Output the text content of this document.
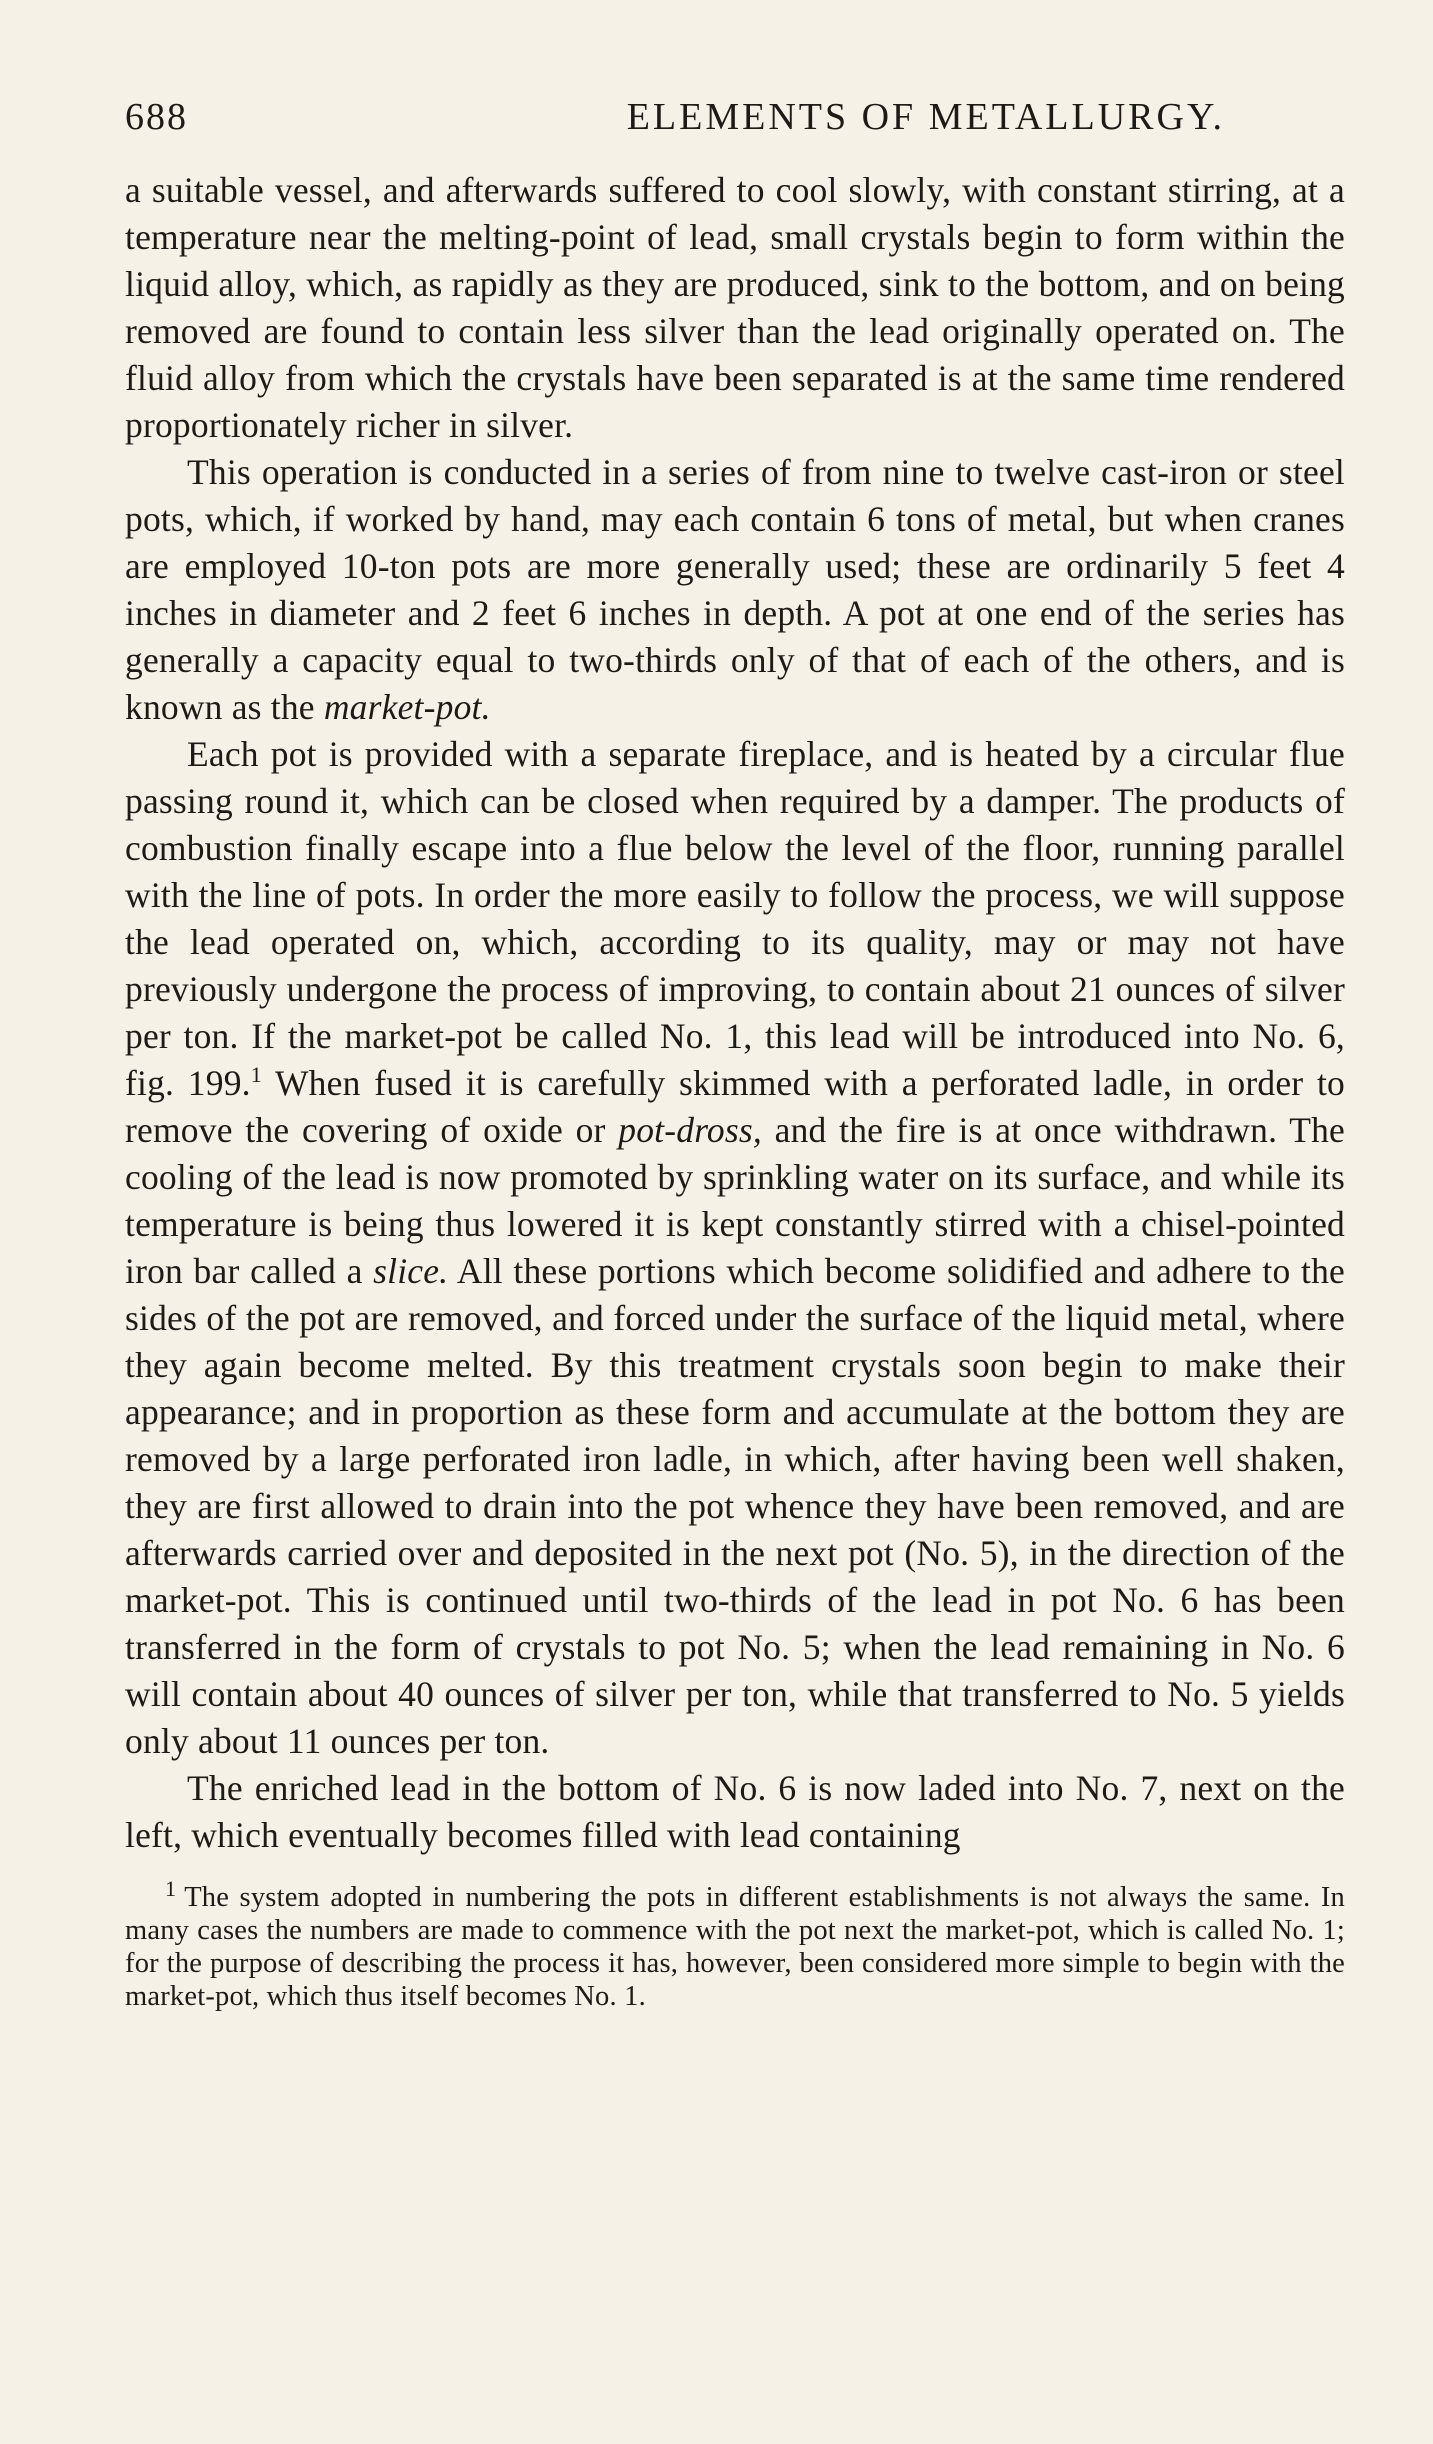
688	ELEMENTS OF METALLURGY.

a suitable vessel, and afterwards suffered to cool slowly, with constant stirring, at a temperature near the melting-point of lead, small crystals begin to form within the liquid alloy, which, as rapidly as they are produced, sink to the bottom, and on being removed are found to contain less silver than the lead originally operated on. The fluid alloy from which the crystals have been separated is at the same time rendered proportionately richer in silver.

This operation is conducted in a series of from nine to twelve cast-iron or steel pots, which, if worked by hand, may each contain 6 tons of metal, but when cranes are employed 10-ton pots are more generally used; these are ordinarily 5 feet 4 inches in diameter and 2 feet 6 inches in depth. A pot at one end of the series has generally a capacity equal to two-thirds only of that of each of the others, and is known as the market-pot.

Each pot is provided with a separate fireplace, and is heated by a circular flue passing round it, which can be closed when required by a damper. The products of combustion finally escape into a flue below the level of the floor, running parallel with the line of pots. In order the more easily to follow the process, we will suppose the lead operated on, which, according to its quality, may or may not have previously undergone the process of improving, to contain about 21 ounces of silver per ton. If the market-pot be called No. 1, this lead will be introduced into No. 6, fig. 199.$^1$ When fused it is carefully skimmed with a perforated ladle, in order to remove the covering of oxide or pot-dross, and the fire is at once withdrawn. The cooling of the lead is now promoted by sprinkling water on its surface, and while its temperature is being thus lowered it is kept constantly stirred with a chisel-pointed iron bar called a slice. All these portions which become solidified and adhere to the sides of the pot are removed, and forced under the surface of the liquid metal, where they again become melted. By this treatment crystals soon begin to make their appearance; and in proportion as these form and accumulate at the bottom they are removed by a large perforated iron ladle, in which, after having been well shaken, they are first allowed to drain into the pot whence they have been removed, and are afterwards carried over and deposited in the next pot (No. 5), in the direction of the market-pot. This is continued until two-thirds of the lead in pot No. 6 has been transferred in the form of crystals to pot No. 5; when the lead remaining in No. 6 will contain about 40 ounces of silver per ton, while that transferred to No. 5 yields only about 11 ounces per ton.

The enriched lead in the bottom of No. 6 is now laded into No. 7, next on the left, which eventually becomes filled with lead containing

$^1$ The system adopted in numbering the pots in different establishments is not always the same. In many cases the numbers are made to commence with the pot next the market-pot, which is called No. 1; for the purpose of describing the process it has, however, been considered more simple to begin with the market-pot, which thus itself becomes No. 1.
